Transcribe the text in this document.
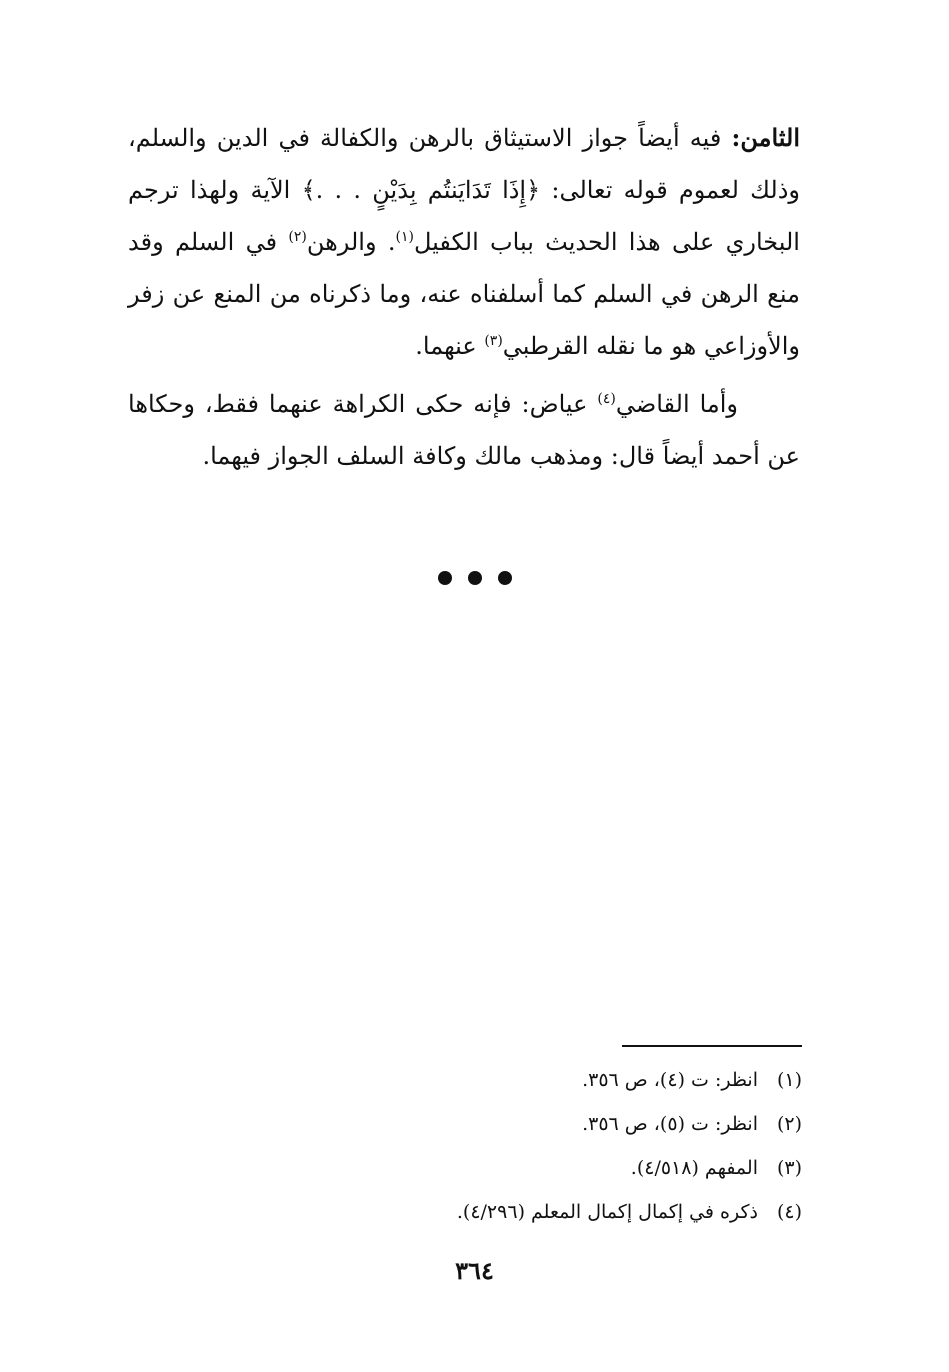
الثامن: فيه أيضاً جواز الاستيثاق بالرهن والكفالة في الدين والسلم، وذلك لعموم قوله تعالى: ﴿إِذَا تَدَايَنتُم بِدَيْنٍ . . .﴾ الآية ولهذا ترجم البخاري على هذا الحديث بباب الكفيل$^{(١)}$. والرهن$^{(٢)}$ في السلم وقد منع الرهن في السلم كما أسلفناه عنه، وما ذكرناه من المنع عن زفر والأوزاعي هو ما نقله القرطبي$^{(٣)}$ عنهما.

وأما القاضي$^{(٤)}$ عياض: فإنه حكى الكراهة عنهما فقط، وحكاها عن أحمد أيضاً قال: ومذهب مالك وكافة السلف الجواز فيهما.

(١)
انظر: ت (٤)، ص ٣٥٦.
(٢)
انظر: ت (٥)، ص ٣٥٦.
(٣)
المفهم (٤/٥١٨).
(٤)
ذكره في إكمال إكمال المعلم (٤/٢٩٦).
٣٦٤
